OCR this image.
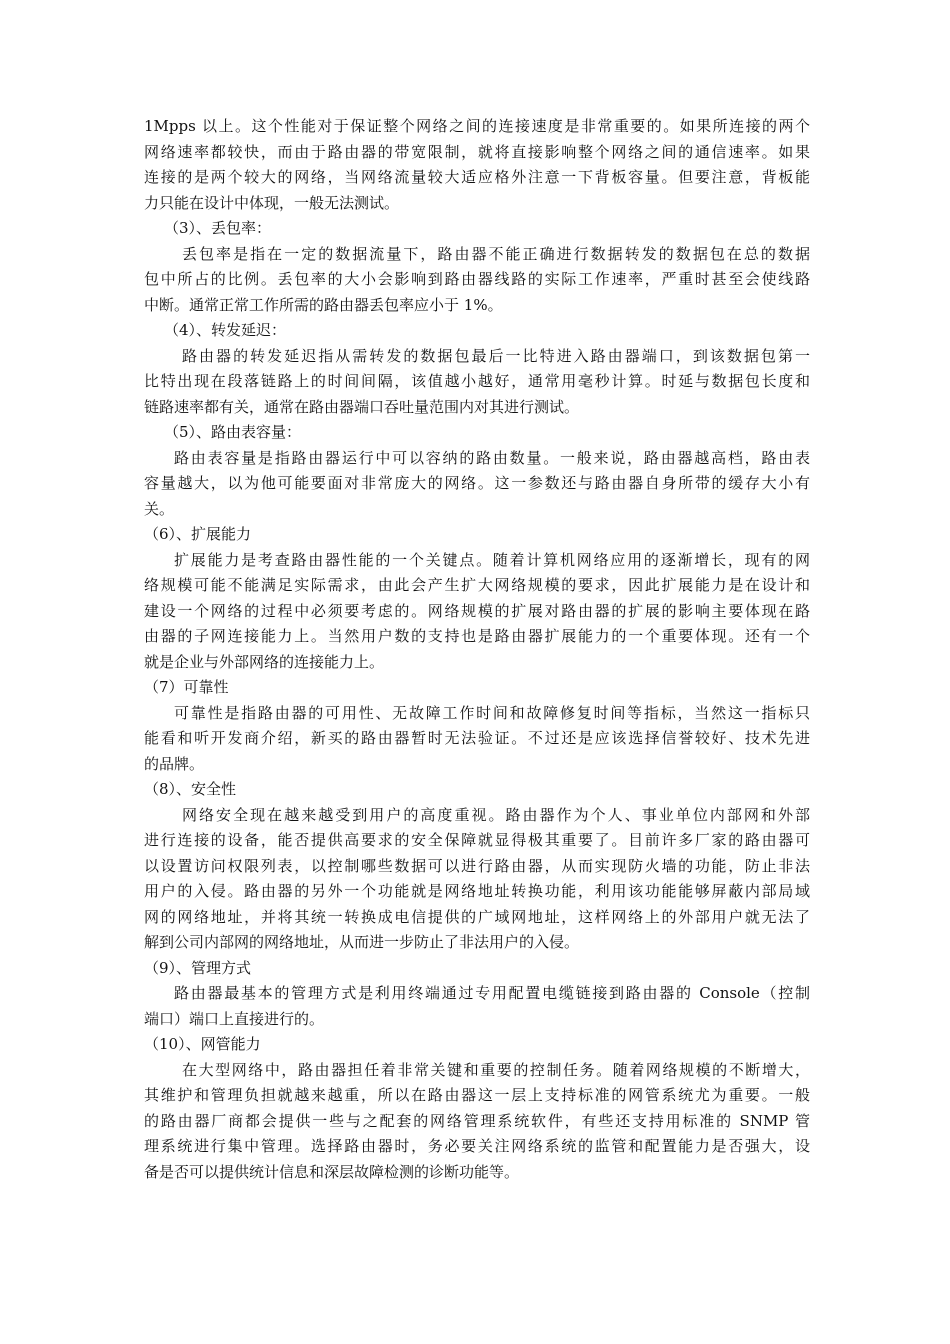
1Mpps 以上。这个性能对于保证整个网络之间的连接速度是非常重要的。如果所连接的两个
网络速率都较快，而由于路由器的带宽限制，就将直接影响整个网络之间的通信速率。如果
连接的是两个较大的网络，当网络流量较大适应格外注意一下背板容量。但要注意，背板能
力只能在设计中体现，一般无法测试。
（3）、丢包率：
丢包率是指在一定的数据流量下，路由器不能正确进行数据转发的数据包在总的数据
包中所占的比例。丢包率的大小会影响到路由器线路的实际工作速率，严重时甚至会使线路
中断。通常正常工作所需的路由器丢包率应小于 1%。
（4）、转发延迟：
路由器的转发延迟指从需转发的数据包最后一比特进入路由器端口，到该数据包第一
比特出现在段落链路上的时间间隔，该值越小越好，通常用毫秒计算。时延与数据包长度和
链路速率都有关，通常在路由器端口吞吐量范围内对其进行测试。
（5）、路由表容量：
路由表容量是指路由器运行中可以容纳的路由数量。一般来说，路由器越高档，路由表
容量越大，以为他可能要面对非常庞大的网络。这一参数还与路由器自身所带的缓存大小有
关。
（6）、扩展能力
扩展能力是考查路由器性能的一个关键点。随着计算机网络应用的逐渐增长，现有的网
络规模可能不能满足实际需求，由此会产生扩大网络规模的要求，因此扩展能力是在设计和
建设一个网络的过程中必须要考虑的。网络规模的扩展对路由器的扩展的影响主要体现在路
由器的子网连接能力上。当然用户数的支持也是路由器扩展能力的一个重要体现。还有一个
就是企业与外部网络的连接能力上。
（7）可靠性
可靠性是指路由器的可用性、无故障工作时间和故障修复时间等指标，当然这一指标只
能看和听开发商介绍，新买的路由器暂时无法验证。不过还是应该选择信誉较好、技术先进
的品牌。
（8）、安全性
网络安全现在越来越受到用户的高度重视。路由器作为个人、事业单位内部网和外部
进行连接的设备，能否提供高要求的安全保障就显得极其重要了。目前许多厂家的路由器可
以设置访问权限列表，以控制哪些数据可以进行路由器，从而实现防火墙的功能，防止非法
用户的入侵。路由器的另外一个功能就是网络地址转换功能，利用该功能能够屏蔽内部局域
网的网络地址，并将其统一转换成电信提供的广域网地址，这样网络上的外部用户就无法了
解到公司内部网的网络地址，从而进一步防止了非法用户的入侵。
（9）、管理方式
路由器最基本的管理方式是利用终端通过专用配置电缆链接到路由器的 Console（控制
端口）端口上直接进行的。
（10）、网管能力
在大型网络中，路由器担任着非常关键和重要的控制任务。随着网络规模的不断增大，
其维护和管理负担就越来越重，所以在路由器这一层上支持标准的网管系统尤为重要。一般
的路由器厂商都会提供一些与之配套的网络管理系统软件，有些还支持用标准的 SNMP 管
理系统进行集中管理。选择路由器时，务必要关注网络系统的监管和配置能力是否强大，设
备是否可以提供统计信息和深层故障检测的诊断功能等。
